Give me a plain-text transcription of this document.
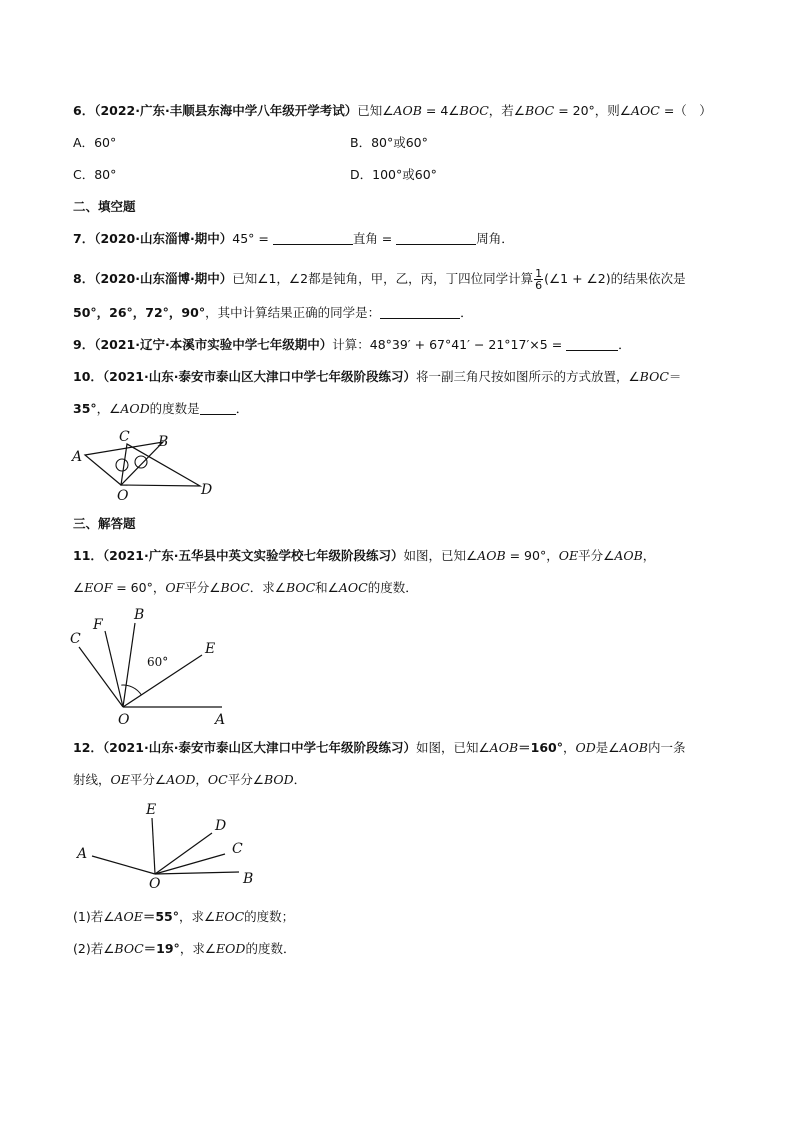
6．（2022·广东·丰顺县东海中学八年级开学考试）已知∠AOB = 4∠BOC，若∠BOC = 20°，则∠AOC =（　）
A．60°	B．80°或60°
C．80°	D．100°或60°
二、填空题
7．（2020·山东淄博·期中）45° =	直角 =	周角．
8．（2020·山东淄博·期中）已知∠1，∠2都是钝角，甲，乙，丙，丁四位同学计算 $\frac{1}{6}$ (∠1 + ∠2)的结果依次是
50°，26°，72°，90°，其中计算结果正确的同学是：	．
9．（2021·辽宁·本溪市实验中学七年级期中）计算：48°39′ + 67°41′ − 21°17′×5 =	．
10．（2021·山东·泰安市泰山区大津口中学七年级阶段练习）将一副三角尺按如图所示的方式放置，∠BOC＝
35°，∠AOD的度数是	．
A
C B
O	D
三、解答题
11．（2021·广东·五华县中英文实验学校七年级阶段练习）如图，已知∠AOB = 90°，OE平分∠AOB，
∠EOF = 60°，OF平分∠BOC．求∠BOC和∠AOC的度数．
60°
B
F
C
E
O	A
12．（2021·山东·泰安市泰山区大津口中学七年级阶段练习）如图，已知∠AOB＝160°，OD是∠AOB内一条
射线，OE平分∠AOD，OC平分∠BOD．
E
D
C
A
O	B
(1)若∠AOE＝55°，求∠EOC的度数；
(2)若∠BOC＝19°，求∠EOD的度数．
